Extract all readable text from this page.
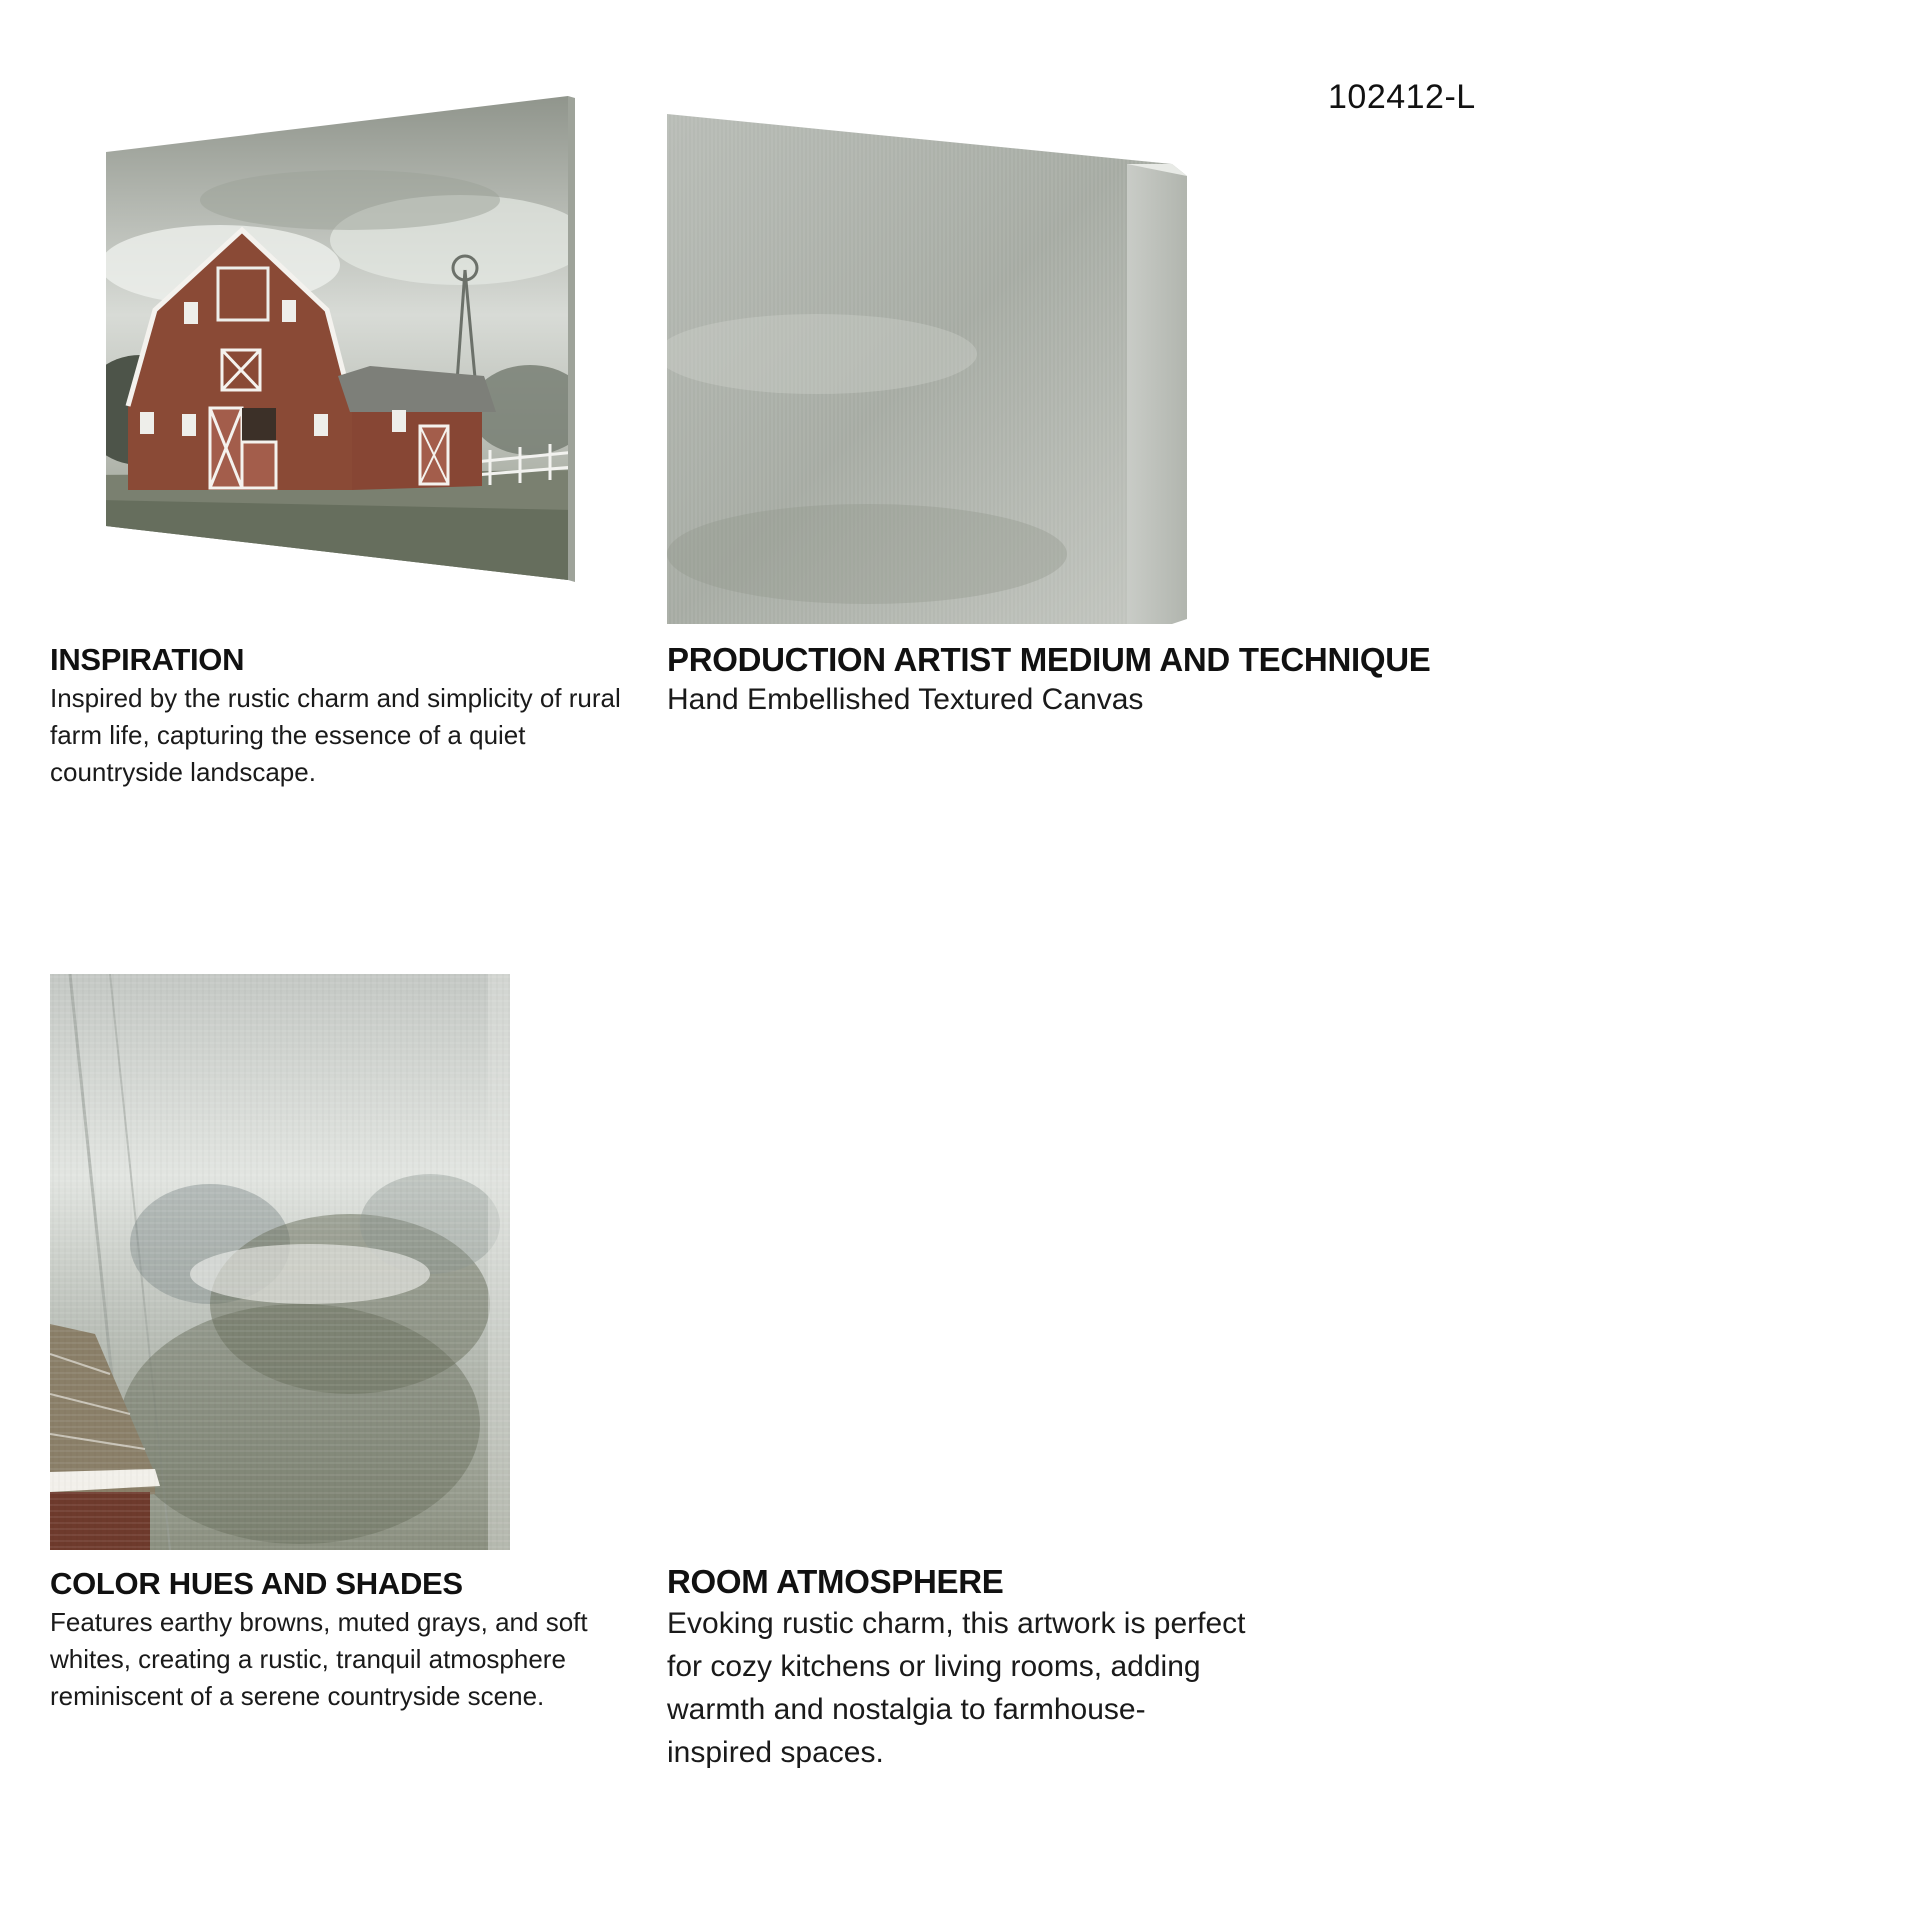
102412-L
INSPIRATION

Inspired by the rustic charm and simplicity of rural farm life, capturing the essence of a quiet countryside landscape.

PRODUCTION ARTIST MEDIUM AND TECHNIQUE

Hand Embellished Textured Canvas

COLOR HUES AND SHADES

Features earthy browns, muted grays, and soft whites, creating a rustic, tranquil atmosphere reminiscent of a serene countryside scene.

ROOM ATMOSPHERE

Evoking rustic charm, this artwork is perfect for cozy kitchens or living rooms, adding warmth and nostalgia to farmhouse-inspired spaces.
